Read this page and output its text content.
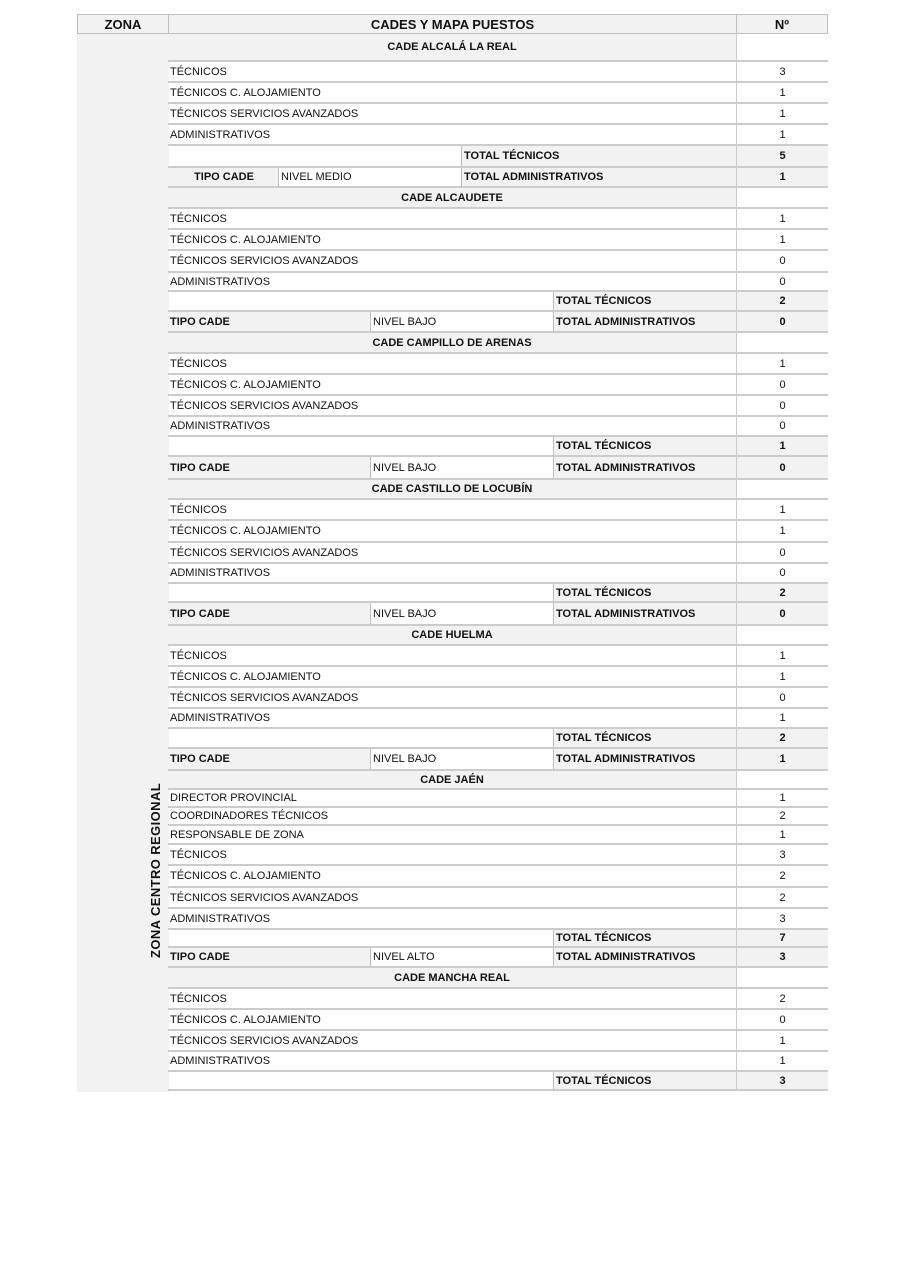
ZONA CENTRO REGIONAL
ZONA	CADES Y MAPA PUESTOS	Nº
CADE ALCALÁ LA REAL
TÉCNICOS	3
TÉCNICOS C. ALOJAMIENTO	1
TÉCNICOS SERVICIOS AVANZADOS	1
ADMINISTRATIVOS	1
TOTAL TÉCNICOS	5
TIPO CADE	NIVEL MEDIO	TOTAL ADMINISTRATIVOS	1
CADE ALCAUDETE
TÉCNICOS	1
TÉCNICOS C. ALOJAMIENTO	1
TÉCNICOS SERVICIOS AVANZADOS	0
ADMINISTRATIVOS	0
TOTAL TÉCNICOS	2
TIPO CADE	NIVEL BAJO	TOTAL ADMINISTRATIVOS	0
CADE CAMPILLO DE ARENAS
TÉCNICOS	1
TÉCNICOS C. ALOJAMIENTO	0
TÉCNICOS SERVICIOS AVANZADOS	0
ADMINISTRATIVOS	0
TOTAL TÉCNICOS	1
TIPO CADE	NIVEL BAJO	TOTAL ADMINISTRATIVOS	0
CADE CASTILLO DE LOCUBÍN
TÉCNICOS	1
TÉCNICOS C. ALOJAMIENTO	1
TÉCNICOS SERVICIOS AVANZADOS	0
ADMINISTRATIVOS	0
TOTAL TÉCNICOS	2
TIPO CADE	NIVEL BAJO	TOTAL ADMINISTRATIVOS	0
CADE HUELMA
TÉCNICOS	1
TÉCNICOS C. ALOJAMIENTO	1
TÉCNICOS SERVICIOS AVANZADOS	0
ADMINISTRATIVOS	1
TOTAL TÉCNICOS	2
TIPO CADE	NIVEL BAJO	TOTAL ADMINISTRATIVOS	1
CADE JAÉN
DIRECTOR PROVINCIAL	1
COORDINADORES TÉCNICOS	2
RESPONSABLE DE ZONA	1
TÉCNICOS	3
TÉCNICOS C. ALOJAMIENTO	2
TÉCNICOS SERVICIOS AVANZADOS	2
ADMINISTRATIVOS	3
TOTAL TÉCNICOS	7
TIPO CADE	NIVEL ALTO	TOTAL ADMINISTRATIVOS	3
CADE MANCHA REAL
TÉCNICOS	2
TÉCNICOS C. ALOJAMIENTO	0
TÉCNICOS SERVICIOS AVANZADOS	1
ADMINISTRATIVOS	1
TOTAL TÉCNICOS	3
